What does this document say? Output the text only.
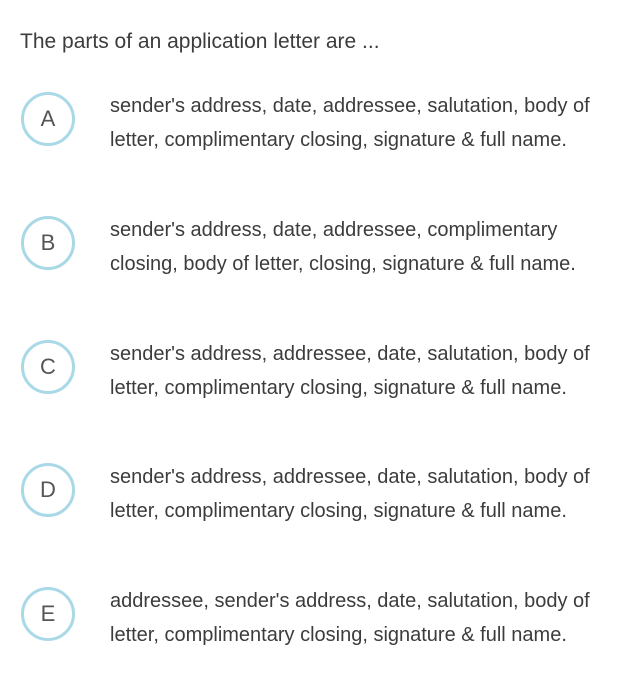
The parts of an application letter are ...

A	sender's address, date, addressee, salutation, body of letter, complimentary closing, signature & full name.

B	sender's address, date, addressee, complimentary closing, body of letter, closing, signature & full name.

C	sender's address, addressee, date, salutation, body of letter, complimentary closing, signature & full name.

D	sender's address, addressee, date, salutation, body of letter, complimentary closing, signature & full name.

E	addressee, sender's address, date, salutation, body of letter, complimentary closing, signature & full name.
